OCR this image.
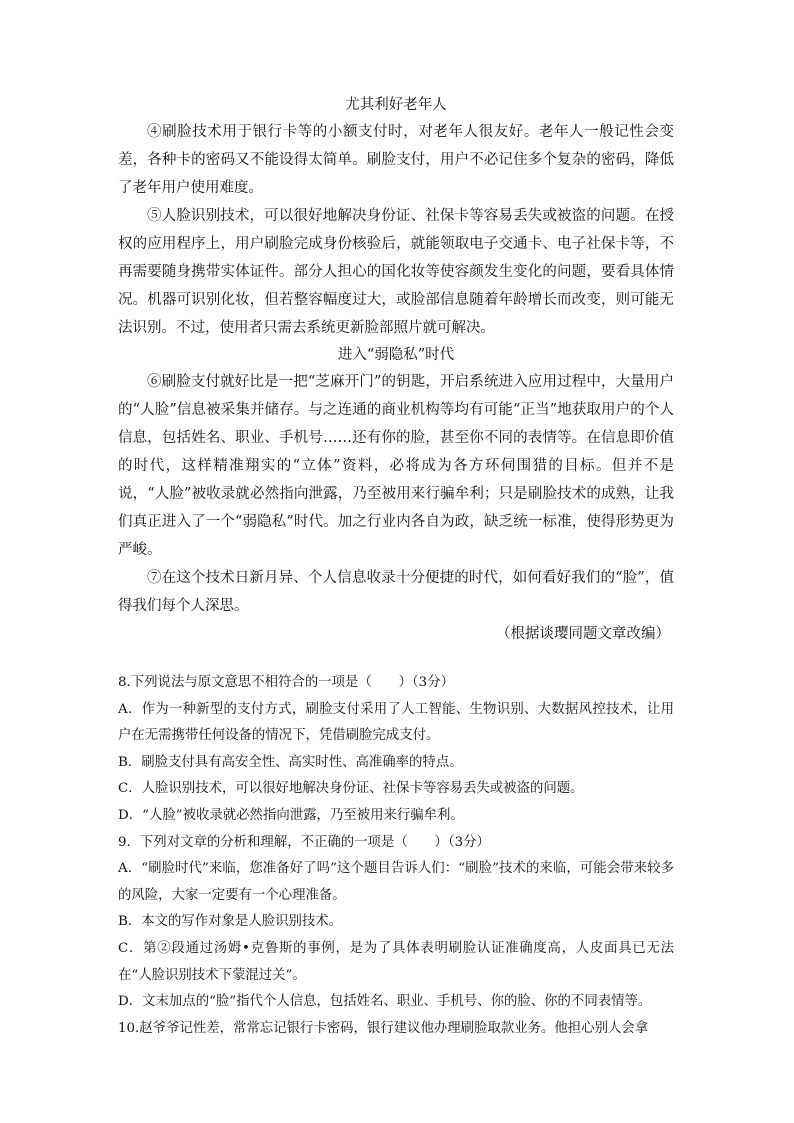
尤其利好老年人

④刷脸技术用于银行卡等的小额支付时，对老年人很友好。老年人一般记性会变差，各种卡的密码又不能设得太简单。刷脸支付，用户不必记住多个复杂的密码，降低了老年用户使用难度。

⑤人脸识别技术，可以很好地解决身份证、社保卡等容易丢失或被盗的问题。在授权的应用程序上，用户刷脸完成身份核验后，就能领取电子交通卡、电子社保卡等，不再需要随身携带实体证件。部分人担心的国化妆等使容颜发生变化的问题，要看具体情况。机器可识别化妆，但若整容幅度过大，或脸部信息随着年龄增长而改变，则可能无法识别。不过，使用者只需去系统更新脸部照片就可解决。

进入“弱隐私”时代

⑥刷脸支付就好比是一把“芝麻开门”的钥匙，开启系统进入应用过程中，大量用户的“人脸”信息被采集并储存。与之连通的商业机构等均有可能“正当”地获取用户的个人信息，包括姓名、职业、手机号……还有你的脸，甚至你不同的表情等。在信息即价值的时代，这样精准翔实的“立体”资料，必将成为各方环伺围猎的目标。但并不是说，“人脸”被收录就必然指向泄露，乃至被用来行骗牟利；只是刷脸技术的成熟，让我们真正进入了一个“弱隐私”时代。加之行业内各自为政，缺乏统一标准，使得形势更为严峻。

⑦在这个技术日新月异、个人信息收录十分便捷的时代，如何看好我们的“脸”，值得我们每个人深思。

（根据谈璎同题文章改编）

8.下列说法与原文意思不相符合的一项是（　　）（3分）

A．作为一种新型的支付方式，刷脸支付采用了人工智能、生物识别、大数据风控技术，让用户在无需携带任何设备的情况下，凭借刷脸完成支付。

B．刷脸支付具有高安全性、高实时性、高准确率的特点。

C．人脸识别技术，可以很好地解决身份证、社保卡等容易丢失或被盗的问题。

D．“人脸”被收录就必然指向泄露，乃至被用来行骗牟利。

9．下列对文章的分析和理解，不正确的一项是（　　）（3分）

A．“刷脸时代”来临，您准备好了吗”这个题目告诉人们：“刷脸”技术的来临，可能会带来较多的风险，大家一定要有一个心理准备。

B．本文的写作对象是人脸识别技术。

C．第②段通过汤姆•克鲁斯的事例，是为了具体表明刷脸认证准确度高，人皮面具已无法在“人脸识别技术下蒙混过关”。

D．文末加点的“脸”指代个人信息，包括姓名、职业、手机号、你的脸、你的不同表情等。

10.赵爷爷记性差，常常忘记银行卡密码，银行建议他办理刷脸取款业务。他担心别人会拿
